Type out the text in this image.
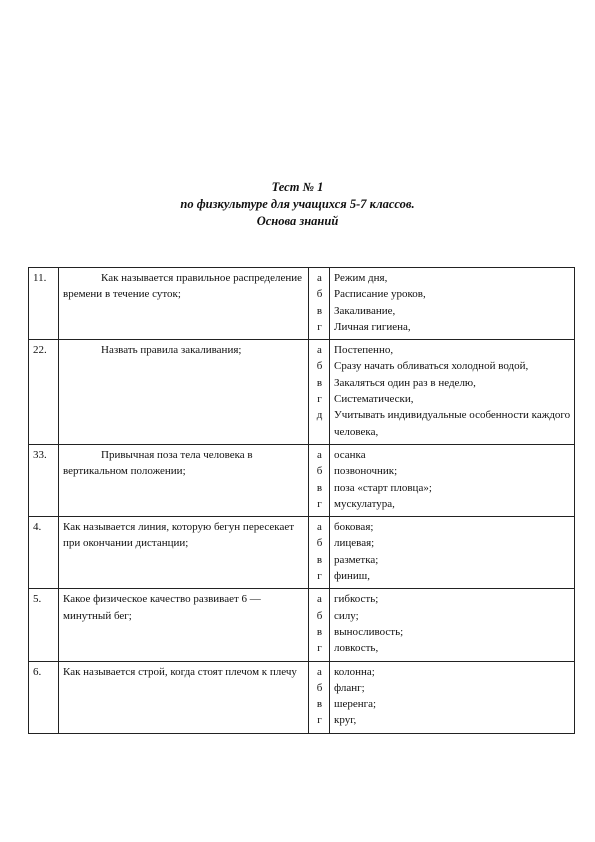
Тест № 1
по физкультуре для учащихся 5-7 классов.
Основа знаний
11.	Как называется правильное распределение времени в течение суток;	а
б
в
г	Режим дня,
Расписание уроков,
Закаливание,
Личная гигиена,

22.	Назвать правила закаливания;	а
б
в
г
д	Постепенно,
Сразу начать обливаться холодной водой,
Закаляться один раз в неделю,
Систематически,
Учитывать индивидуальные особенности каждого человека,

33.	Привычная поза тела человека в вертикальном положении;	а
б
в
г	осанка
позвоночник;
поза «старт пловца»;
мускулатура,

4.	Как называется линия, которую бегун пересекает при окончании дистанции;	а
б
в
г	боковая;
лицевая;
разметка;
финиш,

5.	Какое физическое качество развивает 6 — минутный бег;	а
б
в
г	гибкость;
силу;
выносливость;
ловкость,

6.	Как называется строй, когда стоят плечом к плечу	а
б
в
г	колонна;
фланг;
шеренга;
круг,
